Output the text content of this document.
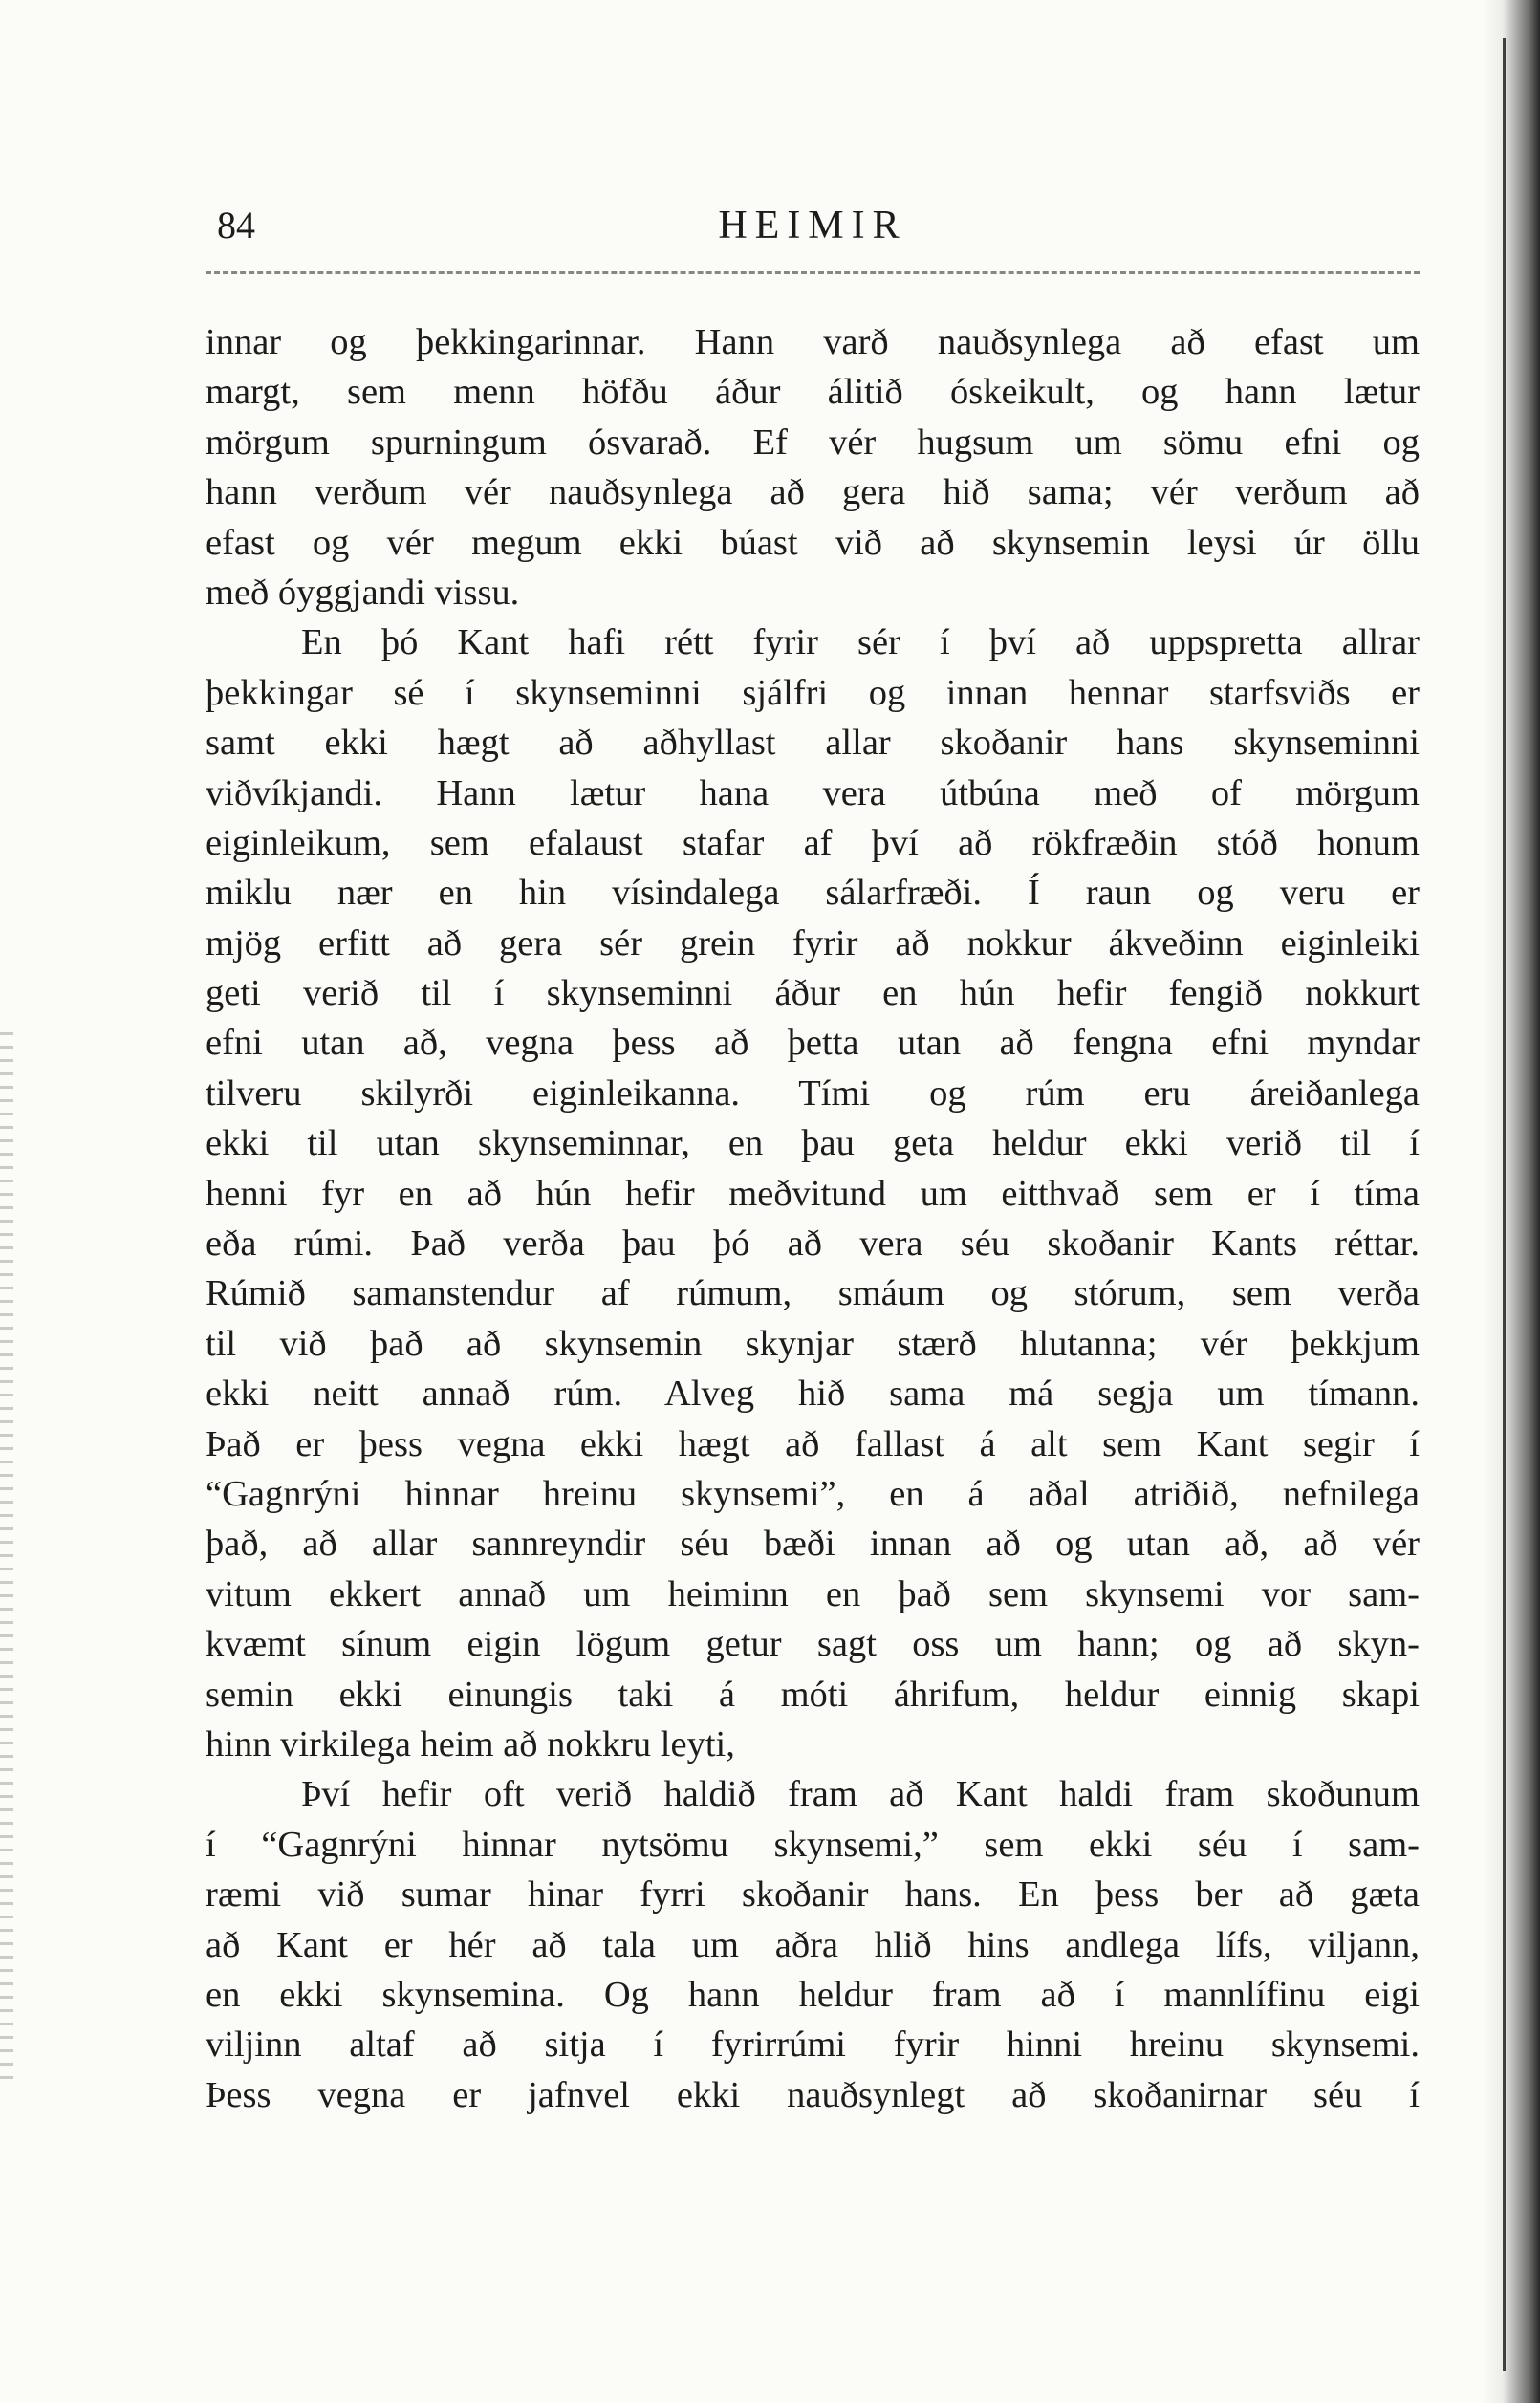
84	HEIMIR
innar og þekkingarinnar. Hann varð nauðsynlega að efast um
margt, sem menn höfðu áður álitið óskeikult, og hann lætur
mörgum spurningum ósvarað. Ef vér hugsum um sömu efni og
hann verðum vér nauðsynlega að gera hið sama; vér verðum að
efast og vér megum ekki búast við að skynsemin leysi úr öllu
með óyggjandi vissu.
En þó Kant hafi rétt fyrir sér í því að uppspretta allrar
þekkingar sé í skynseminni sjálfri og innan hennar starfsviðs er
samt ekki hægt að aðhyllast allar skoðanir hans skynseminni
viðvíkjandi. Hann lætur hana vera útbúna með of mörgum
eiginleikum, sem efalaust stafar af því að rökfræðin stóð honum
miklu nær en hin vísindalega sálarfræði. Í raun og veru er
mjög erfitt að gera sér grein fyrir að nokkur ákveðinn eiginleiki
geti verið til í skynseminni áður en hún hefir fengið nokkurt
efni utan að, vegna þess að þetta utan að fengna efni myndar
tilveru skilyrði eiginleikanna. Tími og rúm eru áreiðanlega
ekki til utan skynseminnar, en þau geta heldur ekki verið til í
henni fyr en að hún hefir meðvitund um eitthvað sem er í tíma
eða rúmi. Það verða þau þó að vera séu skoðanir Kants réttar.
Rúmið samanstendur af rúmum, smáum og stórum, sem verða
til við það að skynsemin skynjar stærð hlutanna; vér þekkjum
ekki neitt annað rúm. Alveg hið sama má segja um tímann.
Það er þess vegna ekki hægt að fallast á alt sem Kant segir í
“Gagnrýni hinnar hreinu skynsemi”, en á aðal atriðið, nefnilega
það, að allar sannreyndir séu bæði innan að og utan að, að vér
vitum ekkert annað um heiminn en það sem skynsemi vor sam-
kvæmt sínum eigin lögum getur sagt oss um hann; og að skyn-
semin ekki einungis taki á móti áhrifum, heldur einnig skapi
hinn virkilega heim að nokkru leyti,
Því hefir oft verið haldið fram að Kant haldi fram skoðunum
í “Gagnrýni hinnar nytsömu skynsemi,” sem ekki séu í sam-
ræmi við sumar hinar fyrri skoðanir hans. En þess ber að gæta
að Kant er hér að tala um aðra hlið hins andlega lífs, viljann,
en ekki skynsemina. Og hann heldur fram að í mannlífinu eigi
viljinn altaf að sitja í fyrirrúmi fyrir hinni hreinu skynsemi.
Þess vegna er jafnvel ekki nauðsynlegt að skoðanirnar séu í
